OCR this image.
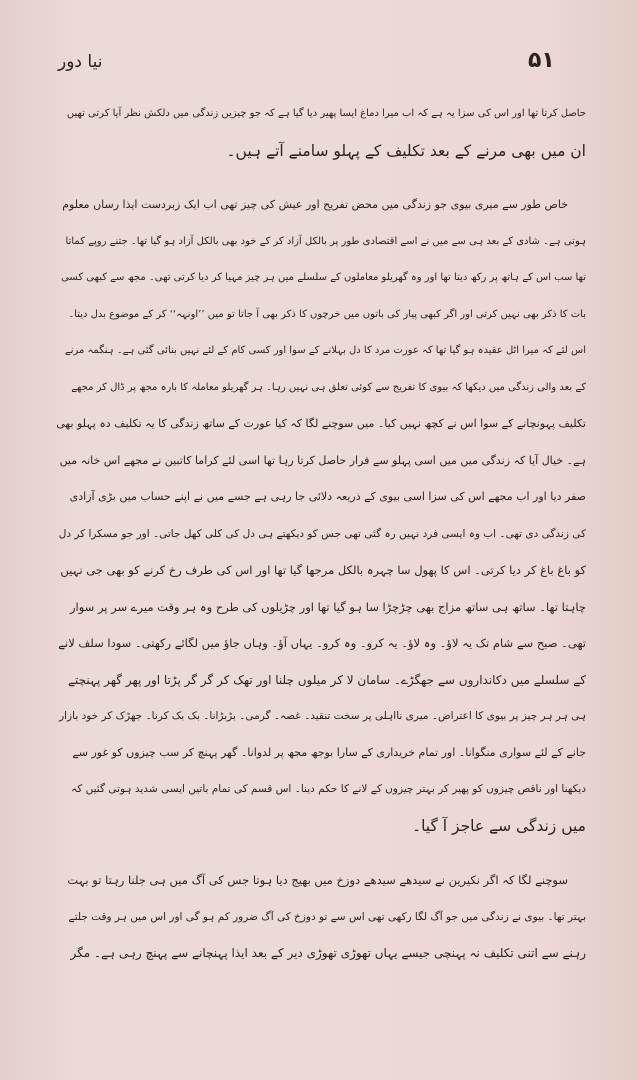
۵۱
نیا دور
حاصل کرتا تھا اور اس کی سزا یہ ہے کہ اب میرا دماغ ایسا پھیر دیا گیا ہے کہ جو چیزیں زندگی میں دلکش نظر آیا کرتی تھیں
ان میں بھی مرنے کے بعد تکلیف کے پہلو سامنے آتے ہیں۔
خاص طور سے میری بیوی جو زندگی میں محض تفریح اور عیش کی چیز تھی اب ایک زبردست ایذا رساں معلوم
ہوتی ہے۔ شادی کے بعد ہی سے میں نے اسے اقتصادی طور پر بالکل آزاد کر کے خود بھی بالکل آزاد ہو گیا تھا۔ جتنے روپے کماتا
تھا سب اس کے ہاتھ پر رکھ دیتا تھا اور وہ گھریلو معاملوں کے سلسلے میں ہر چیز مہیا کر دیا کرتی تھی۔ مجھ سے کبھی کسی
بات کا ذکر بھی نہیں کرتی اور اگر کبھی پیار کی باتوں میں خرچوں کا ذکر بھی آ جاتا تو میں ’’اونہہ‘‘ کر کے موضوع بدل دیتا۔
اس لئے کہ میرا اٹل عقیدہ ہو گیا تھا کہ عورت مرد کا دل بہلانے کے سوا اور کسی کام کے لئے نہیں بنائی گئی ہے۔ ہنگمہ مرنے
کے بعد والی زندگی میں دیکھا کہ بیوی کا تفریح سے کوئی تعلق ہی نہیں رہا۔ ہر گھریلو معاملہ کا بارہ مجھ پر ڈال کر مجھے
تکلیف پہونچانے کے سوا اس نے کچھ نہیں کیا۔ میں سوچنے لگا کہ کیا عورت کے ساتھ زندگی کا یہ تکلیف دہ پہلو بھی
ہے۔ خیال آیا کہ زندگی میں میں اسی پہلو سے فرار حاصل کرتا رہا تھا اسی لئے کراما کاتبین نے مجھے اس خانہ میں
صفر دیا اور اب مجھے اس کی سزا اسی بیوی کے ذریعہ دلائی جا رہی ہے جسے میں نے اپنے حساب میں بڑی آزادی
کی زندگی دی تھی۔ اب وہ ایسی فرد نہیں رہ گئی تھی جس کو دیکھتے ہی دل کی کلی کھل جاتی۔ اور جو مسکرا کر دل
کو باغ باغ کر دیا کرتی۔ اس کا پھول سا چہرہ بالکل مرجھا گیا تھا اور اس کی طرف رخ کرنے کو بھی جی نہیں
چاہتا تھا۔ ساتھ ہی ساتھ مزاج بھی چڑچڑا سا ہو گیا تھا اور چڑیلوں کی طرح وہ ہر وقت میرے سر پر سوار
تھی۔ صبح سے شام تک یہ لاؤ۔ وہ لاؤ۔ یہ کرو۔ وہ کرو۔ یہاں آؤ۔ وہاں جاؤ میں لگائے رکھتی۔ سودا سلف لانے
کے سلسلے میں دکانداروں سے جھگڑے۔ سامان لا کر میلوں چلنا اور تھک کر گر گر پڑتا اور پھر گھر پہنچتے
ہی ہر ہر چیز پر بیوی کا اعتراض۔ میری نااہلی پر سخت تنقید۔ غصہ۔ گرمی۔ بڑبڑانا۔ بک بک کرنا۔ جھڑک کر خود بازار
جانے کے لئے سواری منگوانا۔ اور تمام خریداری کے سارا بوجھ مجھ پر لدوانا۔ گھر پہنچ کر سب چیزوں کو غور سے
دیکھنا اور ناقص چیزوں کو پھیر کر بہتر چیزوں کے لانے کا حکم دینا۔ اس قسم کی تمام باتیں ایسی شدید ہوتی گئیں کہ
میں زندگی سے عاجز آ گیا۔
سوچنے لگا کہ اگر نکیرین نے سیدھے سیدھے دوزخ میں بھیج دیا ہوتا جس کی آگ میں ہی جلنا رہتا تو بہت
بہتر تھا۔ بیوی نے زندگی میں جو آگ لگا رکھی تھی اس سے تو دوزخ کی آگ ضرور کم ہو گی اور اس میں ہر وقت جلتے
رہنے سے اتنی تکلیف نہ پہنچی جیسے یہاں تھوڑی تھوڑی دیر کے بعد ایذا پہنچانے سے پہنچ رہی ہے۔ مگر
